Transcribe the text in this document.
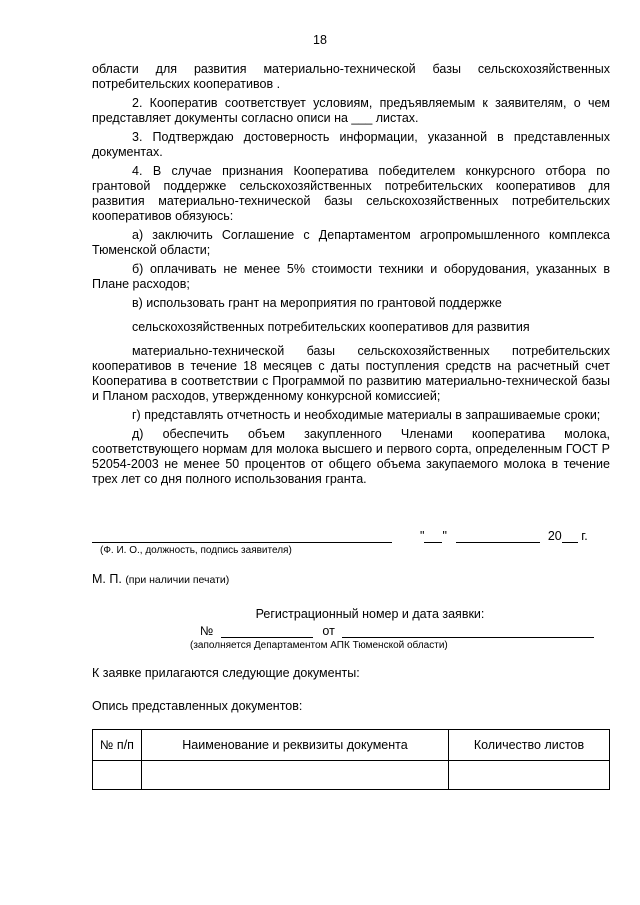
18

области для развития материально-технической базы сельскохозяйственных потребительских кооперативов .

2. Кооператив соответствует условиям, предъявляемым к заявителям, о чем представляет документы согласно описи на ___ листах.

3. Подтверждаю достоверность информации, указанной в представленных документах.

4. В случае признания Кооператива победителем конкурсного отбора по грантовой поддержке сельскохозяйственных потребительских кооперативов для развития материально-технической базы сельскохозяйственных потребительских кооперативов обязуюсь:

а) заключить Соглашение с Департаментом агропромышленного комплекса Тюменской области;

б) оплачивать не менее 5% стоимости техники и оборудования, указанных в Плане расходов;

в) использовать грант на мероприятия по грантовой поддержке

сельскохозяйственных потребительских кооперативов для развития

материально-технической базы сельскохозяйственных потребительских кооперативов в течение 18 месяцев с даты поступления средств на расчетный счет Кооператива в соответствии с Программой по развитию материально-технической базы и Планом расходов, утвержденному конкурсной комиссией;

г) представлять отчетность и необходимые материалы в запрашиваемые сроки;

д) обеспечить объем закупленного Членами кооператива молока, соответствующего нормам для молока высшего и первого сорта, определенным ГОСТ Р 52054-2003 не менее 50 процентов от общего объема закупаемого молока в течение трех лет со дня полного использования гранта.

(Ф. И. О., должность, подпись заявителя)
" "	20 г.
М. П. (при наличии печати)
Регистрационный номер и дата заявки:
№	от
(заполняется Департаментом АПК Тюменской области)
К заявке прилагаются следующие документы:
Опись представленных документов:
№ п/п	Наименование и реквизиты документа	Количество листов
